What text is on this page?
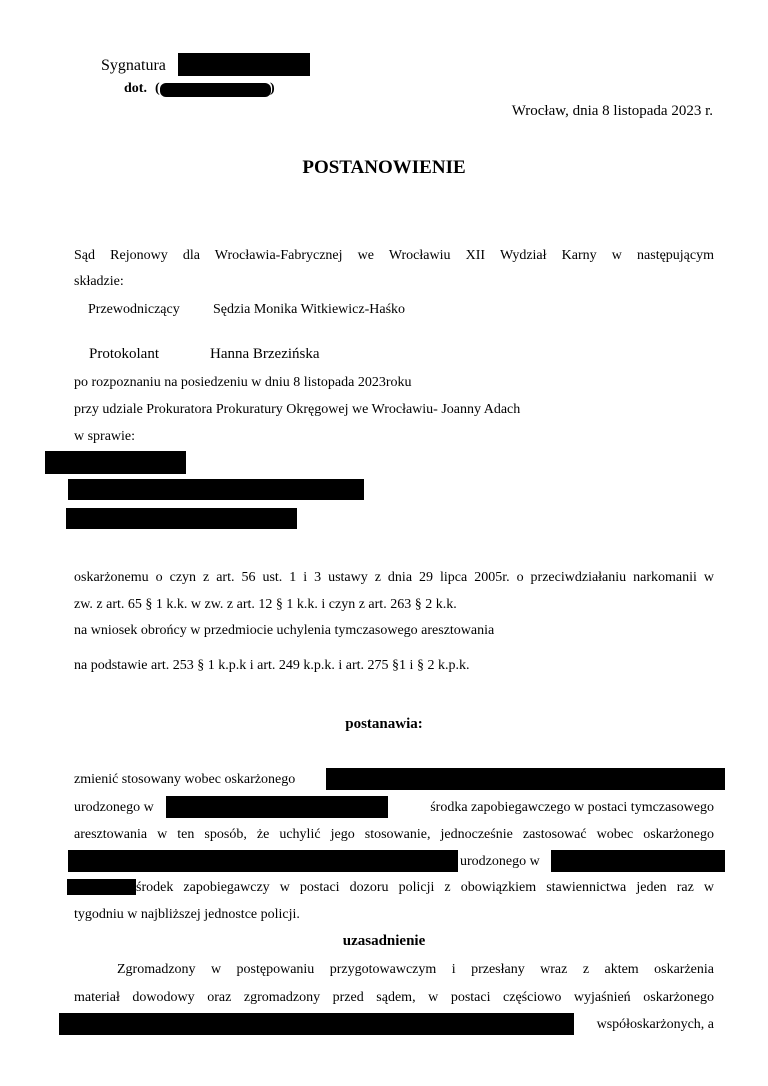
Sygnatura
dot. (	)
Wrocław, dnia 8 listopada 2023 r.
POSTANOWIENIE
Sąd Rejonowy dla Wrocławia-Fabrycznej we Wrocławiu XII Wydział Karny w następującym
składzie:
Przewodniczący Sędzia Monika Witkiewicz-Haśko
Protokolant	Hanna Brzezińska
po rozpoznaniu na posiedzeniu w dniu 8 listopada 2023roku
przy udziale Prokuratora Prokuratury Okręgowej we Wrocławiu- Joanny Adach
w sprawie:
oskarżonemu o czyn z art. 56 ust. 1 i 3 ustawy z dnia 29 lipca 2005r. o przeciwdziałaniu narkomanii w
zw. z art. 65 § 1 k.k. w zw. z art. 12 § 1 k.k. i czyn z art. 263 § 2 k.k.
na wniosek obrońcy w przedmiocie uchylenia tymczasowego aresztowania
na podstawie art. 253 § 1 k.p.k i art. 249 k.p.k. i art. 275 §1 i § 2 k.p.k.
postanawia:
zmienić stosowany wobec oskarżonego
urodzonego w	środka zapobiegawczego w postaci tymczasowego
aresztowania w ten sposób, że uchylić jego stosowanie, jednocześnie zastosować wobec oskarżonego
urodzonego w
środek zapobiegawczy w postaci dozoru policji z obowiązkiem stawiennictwa jeden raz w
tygodniu w najbliższej jednostce policji.
uzasadnienie
Zgromadzony w postępowaniu przygotowawczym i przesłany wraz z aktem oskarżenia
materiał dowodowy oraz zgromadzony przed sądem, w postaci częściowo wyjaśnień oskarżonego
współoskarżonych, a
